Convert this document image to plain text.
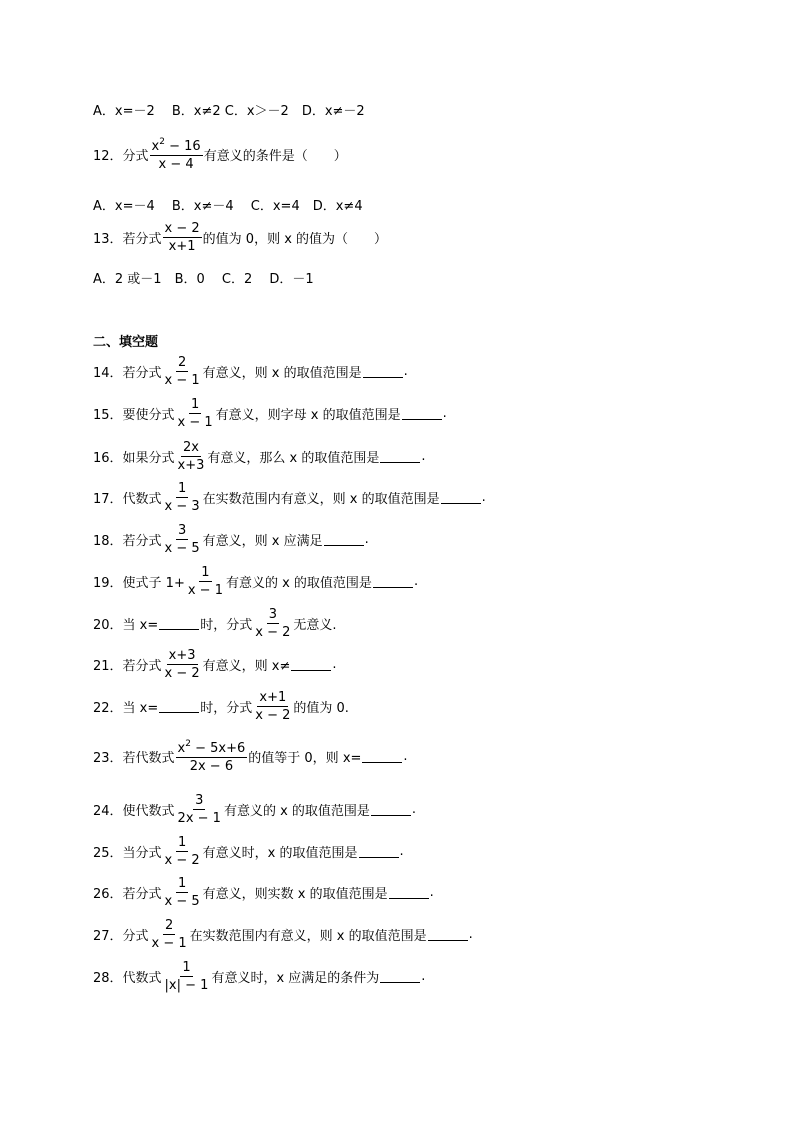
A．x=－2　 B．x≠2 C．x＞－2　D．x≠－2
12．分式 $\frac{x^2 - 16}{x - 4}$ 有意义的条件是（　　）
A．x=－4　 B．x≠－4　 C．x=4　D．x≠4
13．若分式 $\frac{x - 2}{x+1}$ 的值为 0，则 x 的值为（　　）
A．2 或－1　B．0　 C．2　 D．－1
二、填空题
14．若分式 $\frac{2}{x - 1}$ 有意义，则 x 的取值范围是	.
15．要使分式 $\frac{1}{x - 1}$ 有意义，则字母 x 的取值范围是	.
16．如果分式 $\frac{2x}{x+3}$ 有意义，那么 x 的取值范围是	.
17．代数式 $\frac{1}{x - 3}$ 在实数范围内有意义，则 x 的取值范围是	.
18．若分式 $\frac{3}{x - 5}$ 有意义，则 x 应满足	.
19．使式子 $1+ \frac{1}{x - 1}$ 有意义的 x 的取值范围是	.
20．当 x=	时，分式 $\frac{3}{x - 2}$ 无意义.
21．若分式 $\frac{x+3}{x - 2}$ 有意义，则 x≠	.
22．当 x=	时，分式 $\frac{x+1}{x - 2}$ 的值为 0.
23．若代数式 $\frac{x^2 - 5x+6}{2x - 6}$ 的值等于 0，则 x=	.
24．使代数式 $\frac{3}{2x - 1}$ 有意义的 x 的取值范围是	.
25．当分式 $\frac{1}{x - 2}$ 有意义时，x 的取值范围是	.
26．若分式 $\frac{1}{x - 5}$ 有意义，则实数 x 的取值范围是	.
27．分式 $\frac{2}{x - 1}$ 在实数范围内有意义，则 x 的取值范围是	.
28．代数式 $\frac{1}{|x| - 1}$ 有意义时，x 应满足的条件为	.
